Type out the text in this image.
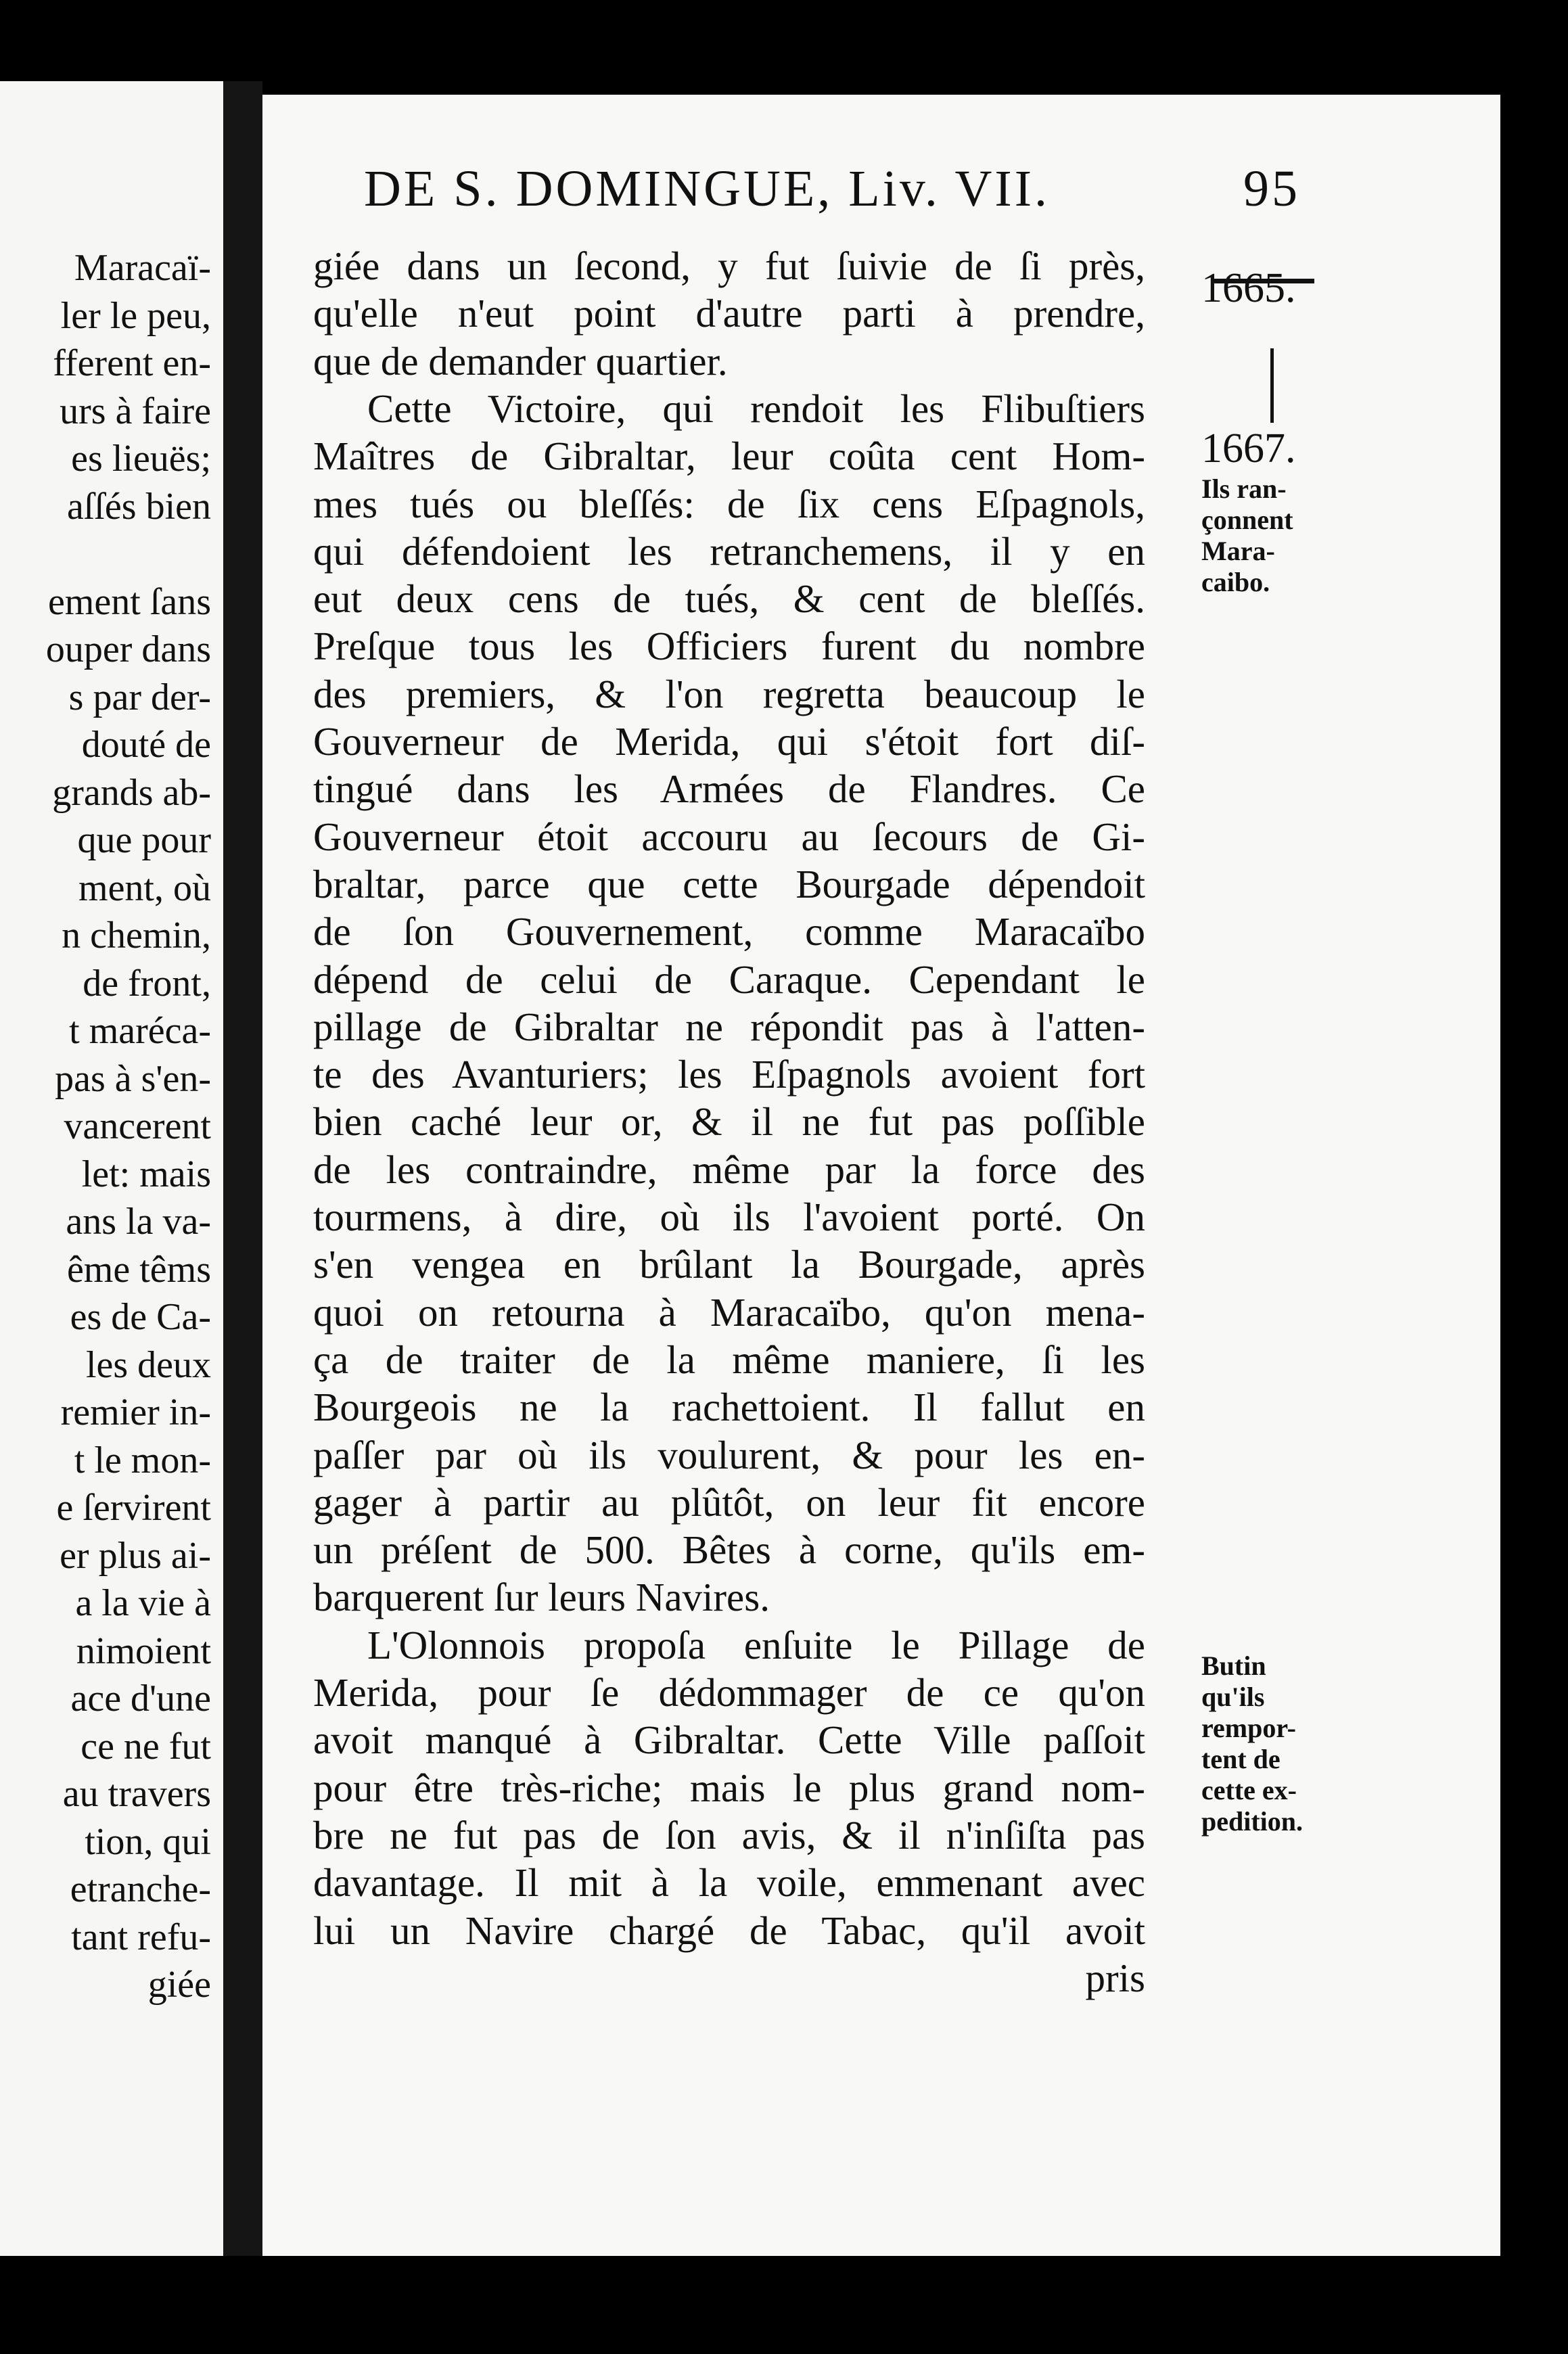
Maracaï-
ler le peu,
fferent en-
urs à faire
es lieuës;
aſſés bien
ement ſans
ouper dans
s par der-
douté de
grands ab-
que pour
ment, où
n chemin,
de front,
t maréca-
pas à s'en-
vancerent
let: mais
ans la va-
ême têms
es de Ca-
les deux
remier in-
t le mon-
e ſervirent
er plus ai-
a la vie à
nimoient
ace d'une
ce ne fut
au travers
tion, qui
etranche-
tant refu-
giée
DE S. DOMINGUE, Liv. VII.	95
giée dans un ſecond, y fut ſuivie de ſi près,
qu'elle n'eut point d'autre parti à prendre,
que de demander quartier.
Cette Victoire, qui rendoit les Flibuſtiers
Maîtres de Gibraltar, leur coûta cent Hom-
mes tués ou bleſſés: de ſix cens Eſpagnols,
qui défendoient les retranchemens, il y en
eut deux cens de tués, & cent de bleſſés.
Preſque tous les Officiers furent du nombre
des premiers, & l'on regretta beaucoup le
Gouverneur de Merida, qui s'étoit fort diſ-
tingué dans les Armées de Flandres. Ce
Gouverneur étoit accouru au ſecours de Gi-
braltar, parce que cette Bourgade dépendoit
de ſon Gouvernement, comme Maracaïbo
dépend de celui de Caraque. Cependant le
pillage de Gibraltar ne répondit pas à l'atten-
te des Avanturiers; les Eſpagnols avoient fort
bien caché leur or, & il ne fut pas poſſible
de les contraindre, même par la force des
tourmens, à dire, où ils l'avoient porté. On
s'en vengea en brûlant la Bourgade, après
quoi on retourna à Maracaïbo, qu'on mena-
ça de traiter de la même maniere, ſi les
Bourgeois ne la rachettoient. Il fallut en
paſſer par où ils voulurent, & pour les en-
gager à partir au plûtôt, on leur fit encore
un préſent de 500. Bêtes à corne, qu'ils em-
barquerent ſur leurs Navires.
L'Olonnois propoſa enſuite le Pillage de
Merida, pour ſe dédommager de ce qu'on
avoit manqué à Gibraltar. Cette Ville paſſoit
pour être très-riche; mais le plus grand nom-
bre ne fut pas de ſon avis, & il n'inſiſta pas
davantage. Il mit à la voile, emmenant avec
lui un Navire chargé de Tabac, qu'il avoit
pris
1665.
1667.
Ils ran-
çonnent
Mara-
caibo.
Butin
qu'ils
rempor-
tent de
cette ex-
pedition.
